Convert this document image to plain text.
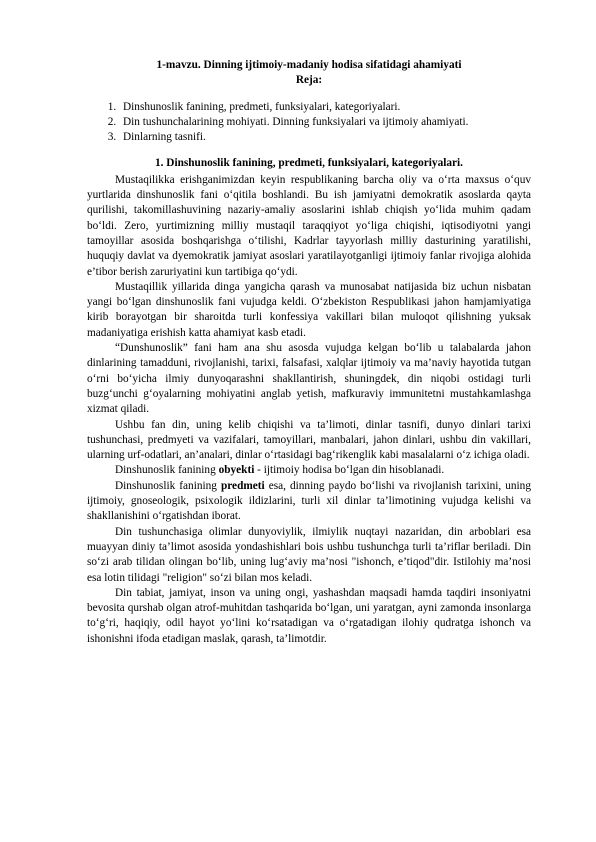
1-mavzu. Dinning ijtimoiy-madaniy hodisa sifatidagi ahamiyati
Reja:
1. Dinshunoslik fanining, predmeti, funksiyalari, kategoriyalari.
2. Din tushunchalarining mohiyati. Dinning funksiyalari va ijtimoiy ahamiyati.
3. Dinlarning tasnifi.
1. Dinshunoslik fanining, predmeti, funksiyalari, kategoriyalari.

Mustaqilikka erishganimizdan keyin respublikaning barcha oliy va o‘rta maxsus o‘quv yurtlarida dinshunoslik fani o‘qitila boshlandi. Bu ish jamiyatni demokratik asoslarda qayta qurilishi, takomillashuvining nazariy-amaliy asoslarini ishlab chiqish yo‘lida muhim qadam bo‘ldi. Zero, yurtimizning milliy mustaqil taraqqiyot yo‘liga chiqishi, iqtisodiyotni yangi tamoyillar asosida boshqarishga o‘tilishi, Kadrlar tayyorlash milliy dasturining yaratilishi, huquqiy davlat va dyemokratik jamiyat asoslari yaratilayotganligi ijtimoiy fanlar rivojiga alohida e’tibor berish zaruriyatini kun tartibiga qo‘ydi.

Mustaqillik yillarida dinga yangicha qarash va munosabat natijasida biz uchun nisbatan yangi bo‘lgan dinshunoslik fani vujudga keldi. O‘zbekiston Respublikasi jahon hamjamiyatiga kirib borayotgan bir sharoitda turli konfessiya vakillari bilan muloqot qilishning yuksak madaniyatiga erishish katta ahamiyat kasb etadi.

“Dunshunoslik” fani ham ana shu asosda vujudga kelgan bo‘lib u talabalarda jahon dinlarining tamadduni, rivojlanishi, tarixi, falsafasi, xalqlar ijtimoiy va ma’naviy hayotida tutgan o‘rni bo‘yicha ilmiy dunyoqarashni shakllantirish, shuningdek, din niqobi ostidagi turli buzg‘unchi g‘oyalarning mohiyatini anglab yetish, mafkuraviy immunitetni mustahkamlashga xizmat qiladi.

Ushbu fan din, uning kelib chiqishi va ta’limoti, dinlar tasnifi, dunyo dinlari tarixi tushunchasi, predmyeti va vazifalari, tamoyillari, manbalari, jahon dinlari, ushbu din vakillari, ularning urf-odatlari, an’analari, dinlar o‘rtasidagi bag‘rikenglik kabi masalalarni o‘z ichiga oladi.

Dinshunoslik fanining obyekti - ijtimoiy hodisa bo‘lgan din hisoblanadi.

Dinshunoslik fanining predmeti esa, dinning paydo bo‘lishi va rivojlanish tarixini, uning ijtimoiy, gnoseologik, psixologik ildizlarini, turli xil dinlar ta’limotining vujudga kelishi va shakllanishini o‘rgatishdan iborat.

Din tushunchasiga olimlar dunyoviylik, ilmiylik nuqtayi nazaridan, din arboblari esa muayyan diniy ta’limot asosida yondashishlari bois ushbu tushunchga turli ta’riflar beriladi. Din so‘zi arab tilidan olingan bo‘lib, uning lug‘aviy ma’nosi "ishonch, e’tiqod"dir. Istilohiy ma’nosi esa lotin tilidagi "religion" so‘zi bilan mos keladi.

Din tabiat, jamiyat, inson va uning ongi, yashashdan maqsadi hamda taqdiri insoniyatni bevosita qurshab olgan atrof-muhitdan tashqarida bo‘lgan, uni yaratgan, ayni zamonda insonlarga to‘g‘ri, haqiqiy, odil hayot yo‘lini ko‘rsatadigan va o‘rgatadigan ilohiy qudratga ishonch va ishonishni ifoda etadigan maslak, qarash, ta’limotdir.
